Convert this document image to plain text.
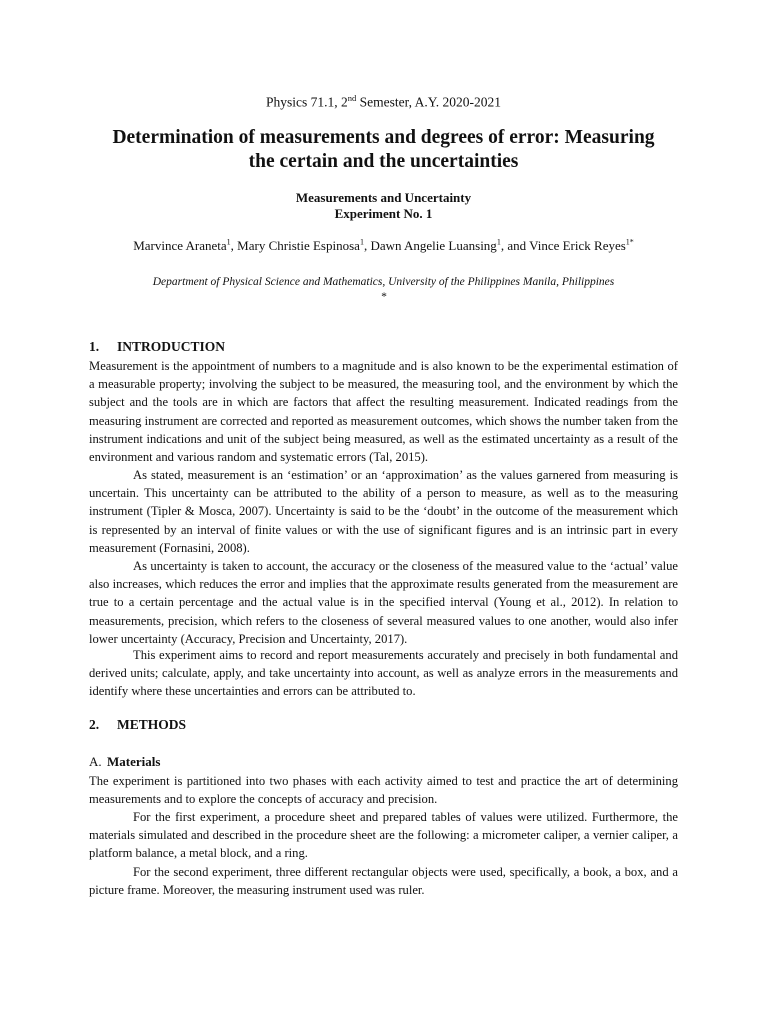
Physics 71.1, 2nd Semester, A.Y. 2020-2021
Determination of measurements and degrees of error: Measuring
the certain and the uncertainties
Measurements and Uncertainty
Experiment No. 1
Marvince Araneta$^1$, Mary Christie Espinosa$^1$, Dawn Angelie Luansing$^1$, and Vince Erick Reyes$^{1*}$
Department of Physical Science and Mathematics, University of the Philippines Manila, Philippines
*
1. INTRODUCTION

Measurement is the appointment of numbers to a magnitude and is also known to be the experimental estimation of a measurable property; involving the subject to be measured, the measuring tool, and the environment by which the subject and the tools are in which are factors that affect the resulting measurement. Indicated readings from the measuring instrument are corrected and reported as measurement outcomes, which shows the number taken from the instrument indications and unit of the subject being measured, as well as the estimated uncertainty as a result of the environment and various random and systematic errors (Tal, 2015).

As stated, measurement is an ‘estimation’ or an ‘approximation’ as the values garnered from measuring is uncertain. This uncertainty can be attributed to the ability of a person to measure, as well as to the measuring instrument (Tipler & Mosca, 2007). Uncertainty is said to be the ‘doubt’ in the outcome of the measurement which is represented by an interval of finite values or with the use of significant figures and is an intrinsic part in every measurement (Fornasini, 2008).

As uncertainty is taken to account, the accuracy or the closeness of the measured value to the ‘actual’ value also increases, which reduces the error and implies that the approximate results generated from the measurement are true to a certain percentage and the actual value is in the specified interval (Young et al., 2012). In relation to measurements, precision, which refers to the closeness of several measured values to one another, would also infer lower uncertainty (Accuracy, Precision and Uncertainty, 2017).

This experiment aims to record and report measurements accurately and precisely in both fundamental and derived units; calculate, apply, and take uncertainty into account, as well as analyze errors in the measurements and identify where these uncertainties and errors can be attributed to.

2. METHODS
A. Materials

The experiment is partitioned into two phases with each activity aimed to test and practice the art of determining measurements and to explore the concepts of accuracy and precision.

For the first experiment, a procedure sheet and prepared tables of values were utilized. Furthermore, the materials simulated and described in the procedure sheet are the following: a micrometer caliper, a vernier caliper, a platform balance, a metal block, and a ring.

For the second experiment, three different rectangular objects were used, specifically, a book, a box, and a picture frame. Moreover, the measuring instrument used was ruler.
